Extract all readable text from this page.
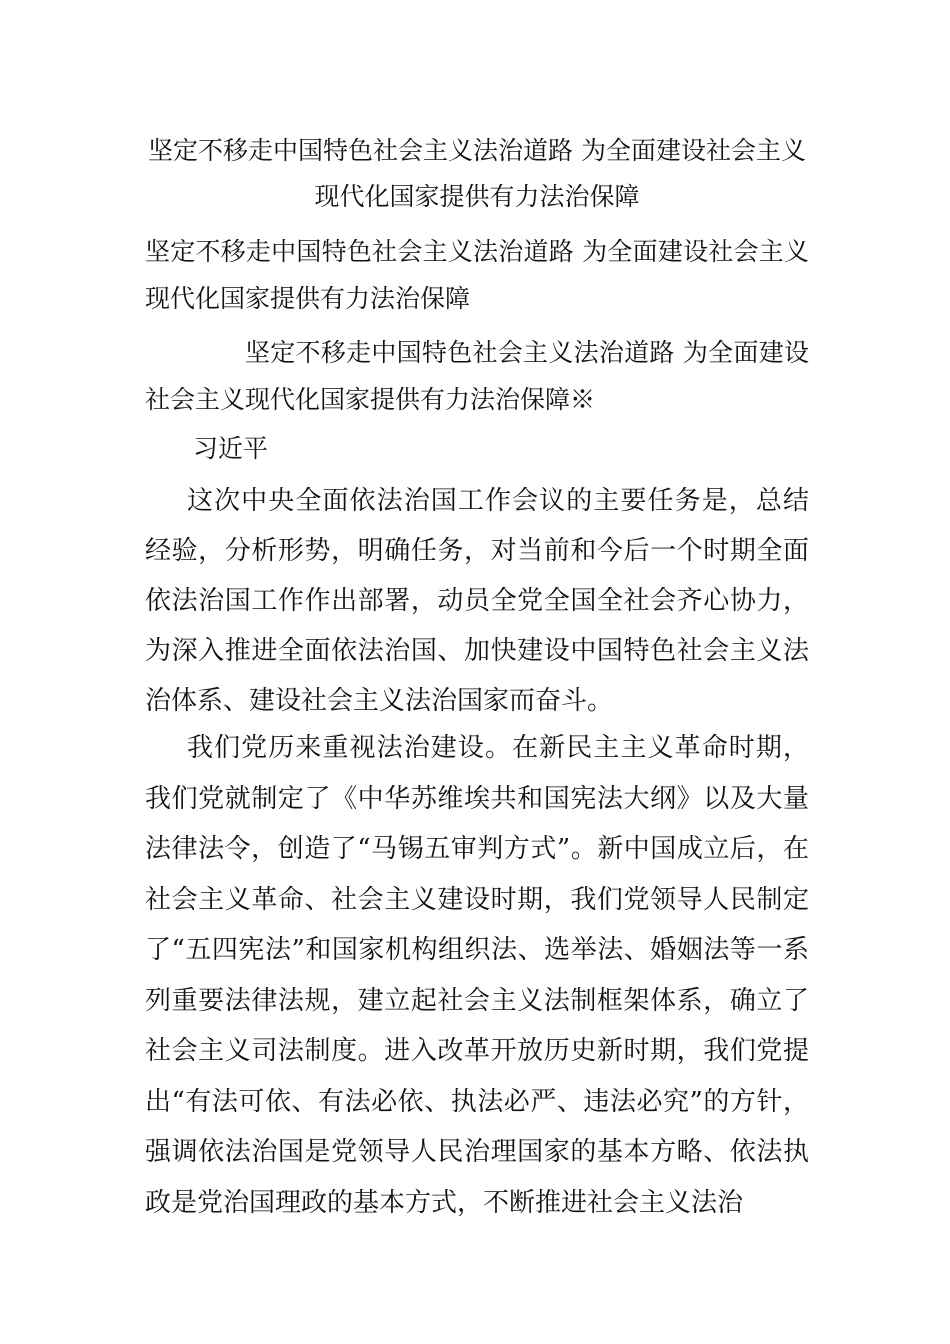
坚定不移走中国特色社会主义法治道路 为全面建设社会主义现代化国家提供有力法治保障

坚定不移走中国特色社会主义法治道路 为全面建设社会主义现代化国家提供有力法治保障

坚定不移走中国特色社会主义法治道路 为全面建设社会主义现代化国家提供有力法治保障※

习近平

这次中央全面依法治国工作会议的主要任务是，总结经验，分析形势，明确任务，对当前和今后一个时期全面依法治国工作作出部署，动员全党全国全社会齐心协力，为深入推进全面依法治国、加快建设中国特色社会主义法治体系、建设社会主义法治国家而奋斗。

我们党历来重视法治建设。在新民主主义革命时期，我们党就制定了《中华苏维埃共和国宪法大纲》以及大量法律法令，创造了“马锡五审判方式”。新中国成立后，在社会主义革命、社会主义建设时期，我们党领导人民制定了“五四宪法”和国家机构组织法、选举法、婚姻法等一系列重要法律法规，建立起社会主义法制框架体系，确立了社会主义司法制度。进入改革开放历史新时期，我们党提出“有法可依、有法必依、执法必严、违法必究”的方针，强调依法治国是党领导人民治理国家的基本方略、依法执政是党治国理政的基本方式，不断推进社会主义法治
